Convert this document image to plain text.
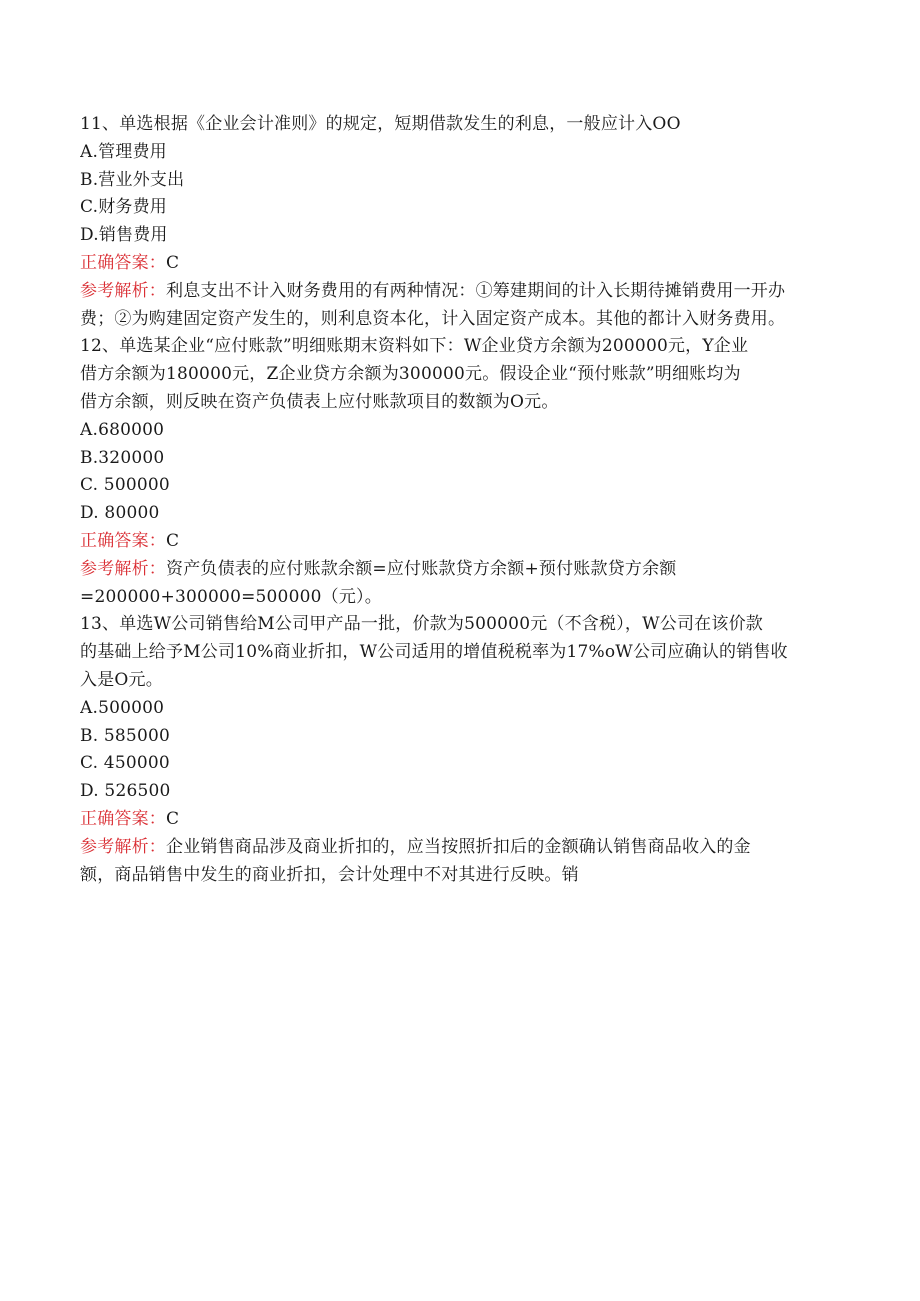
11、单选根据《企业会计准则》的规定，短期借款发生的利息，一般应计入OO
A.管理费用
B.营业外支出
C.财务费用
D.销售费用
正确答案：C
参考解析：利息支出不计入财务费用的有两种情况：①筹建期间的计入长期待摊销费用一开办
费；②为购建固定资产发生的，则利息资本化，计入固定资产成本。其他的都计入财务费用。
12、单选某企业“应付账款”明细账期末资料如下：W企业贷方余额为200000元，Y企业
借方余额为180000元，Z企业贷方余额为300000元。假设企业“预付账款”明细账均为
借方余额，则反映在资产负债表上应付账款项目的数额为O元。
A.680000
B.320000
C. 500000
D. 80000
正确答案：C
参考解析：资产负债表的应付账款余额=应付账款贷方余额+预付账款贷方余额
=200000+300000=500000（元）。
13、单选W公司销售给M公司甲产品一批，价款为500000元（不含税），W公司在该价款
的基础上给予M公司10%商业折扣，W公司适用的增值税税率为17%oW公司应确认的销售收
入是O元。
A.500000
B. 585000
C. 450000
D. 526500
正确答案：C
参考解析：企业销售商品涉及商业折扣的，应当按照折扣后的金额确认销售商品收入的金
额，商品销售中发生的商业折扣，会计处理中不对其进行反映。销
